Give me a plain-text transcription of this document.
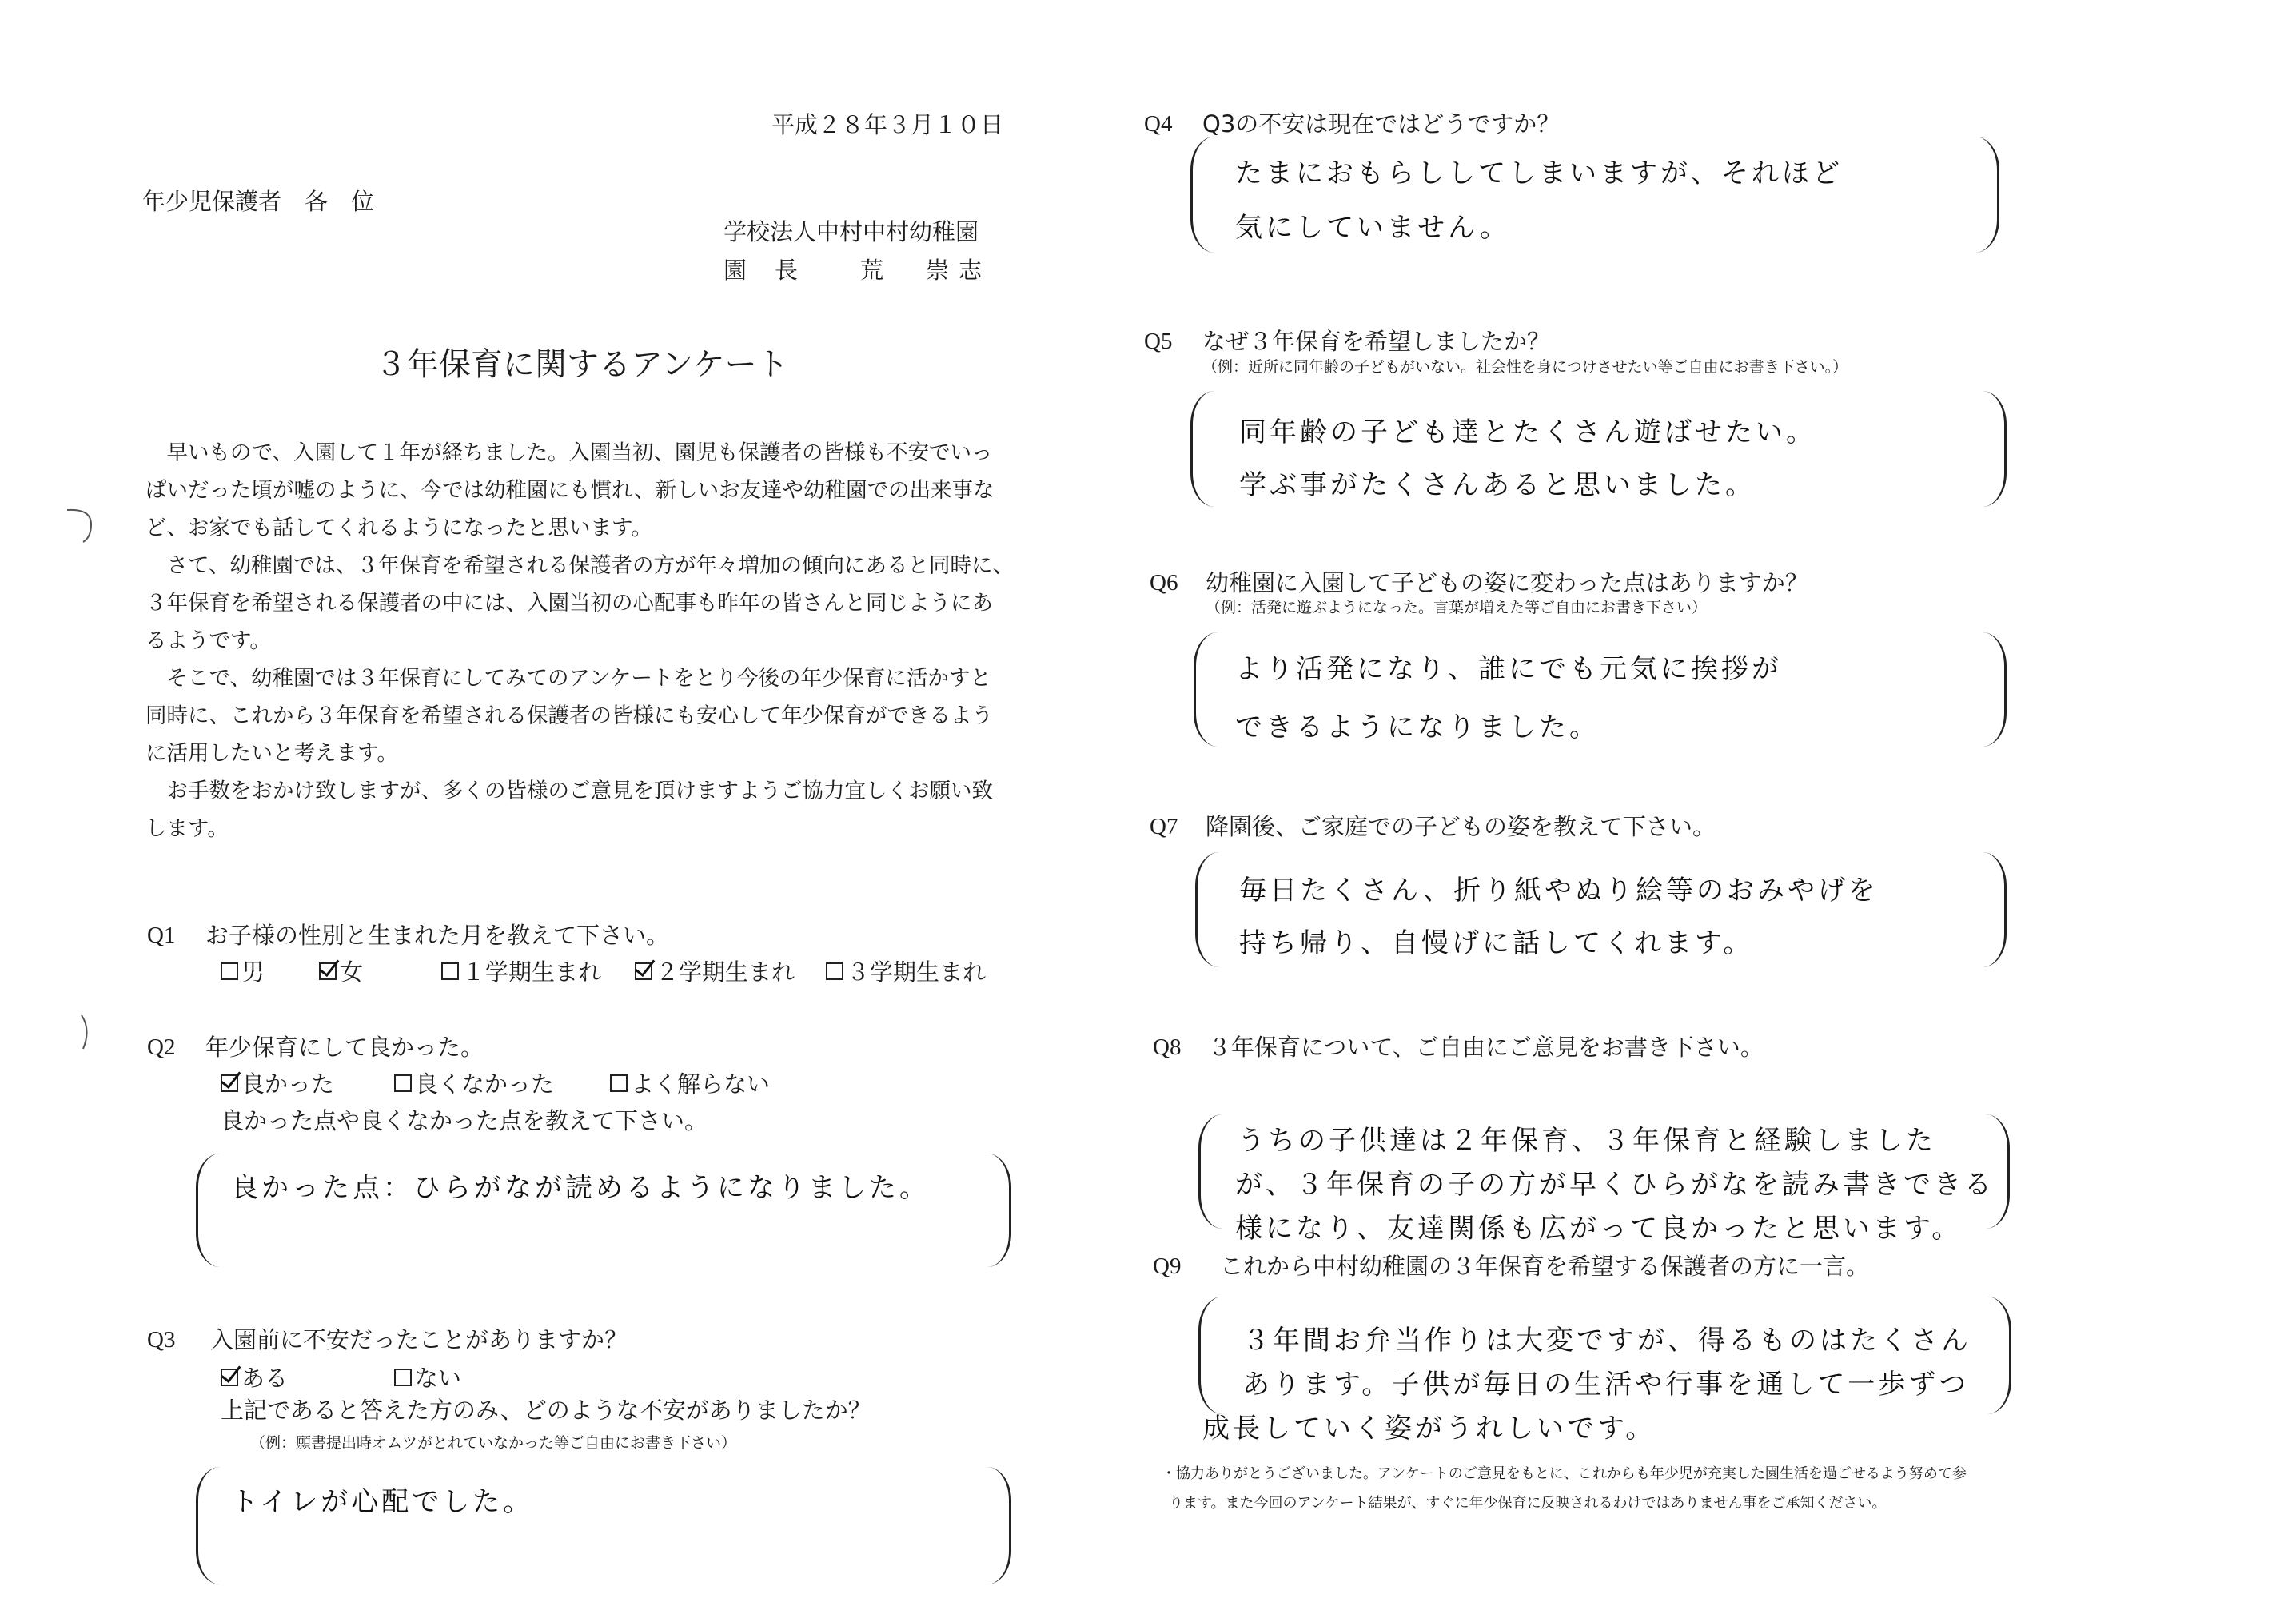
平成２８年３月１０日
年少児保護者　各　位
学校法人中村中村幼稚園
園長 荒　崇志
３年保育に関するアンケート
　早いもので、入園して１年が経ちました。入園当初、園児も保護者の皆様も不安でいっ
ぱいだった頃が嘘のように、今では幼稚園にも慣れ、新しいお友達や幼稚園での出来事な
ど、お家でも話してくれるようになったと思います。
　さて、幼稚園では、３年保育を希望される保護者の方が年々増加の傾向にあると同時に、
３年保育を希望される保護者の中には、入園当初の心配事も昨年の皆さんと同じようにあ
るようです。
　そこで、幼稚園では３年保育にしてみてのアンケートをとり今後の年少保育に活かすと
同時に、これから３年保育を希望される保護者の皆様にも安心して年少保育ができるよう
に活用したいと考えます。
　お手数をおかけ致しますが、多くの皆様のご意見を頂けますようご協力宜しくお願い致
します。
Q1 お子様の性別と生まれた月を教えて下さい。
男	女	１学期生まれ ２学期生まれ ３学期生まれ
Q2 年少保育にして良かった。
良かった	良くなかった	よく解らない
良かった点や良くなかった点を教えて下さい。
良かった点：ひらがなが読めるようになりました。
Q3 入園前に不安だったことがありますか？
ある	ない
上記であると答えた方のみ、どのような不安がありましたか？
（例：願書提出時オムツがとれていなかった等ご自由にお書き下さい）
トイレが心配でした。
Q4 Q3の不安は現在ではどうですか？
たまにおもらししてしまいますが、それほど
気にしていません。
Q5 なぜ３年保育を希望しましたか？
（例：近所に同年齢の子どもがいない。社会性を身につけさせたい等ご自由にお書き下さい。）
同年齢の子ども達とたくさん遊ばせたい。
学ぶ事がたくさんあると思いました。
Q6 幼稚園に入園して子どもの姿に変わった点はありますか？
（例：活発に遊ぶようになった。言葉が増えた等ご自由にお書き下さい）
より活発になり、誰にでも元気に挨拶が
できるようになりました。
Q7 降園後、ご家庭での子どもの姿を教えて下さい。
毎日たくさん、折り紙やぬり絵等のおみやげを
持ち帰り、自慢げに話してくれます。
Q8 ３年保育について、ご自由にご意見をお書き下さい。
うちの子供達は２年保育、３年保育と経験しました
が、３年保育の子の方が早くひらがなを読み書きできる
様になり、友達関係も広がって良かったと思います。
Q9 これから中村幼稚園の３年保育を希望する保護者の方に一言。
３年間お弁当作りは大変ですが、得るものはたくさん
あります。子供が毎日の生活や行事を通して一歩ずつ
成長していく姿がうれしいです。
・協力ありがとうございました。アンケートのご意見をもとに、これからも年少児が充実した園生活を過ごせるよう努めて参
ります。また今回のアンケート結果が、すぐに年少保育に反映されるわけではありません事をご承知ください。
